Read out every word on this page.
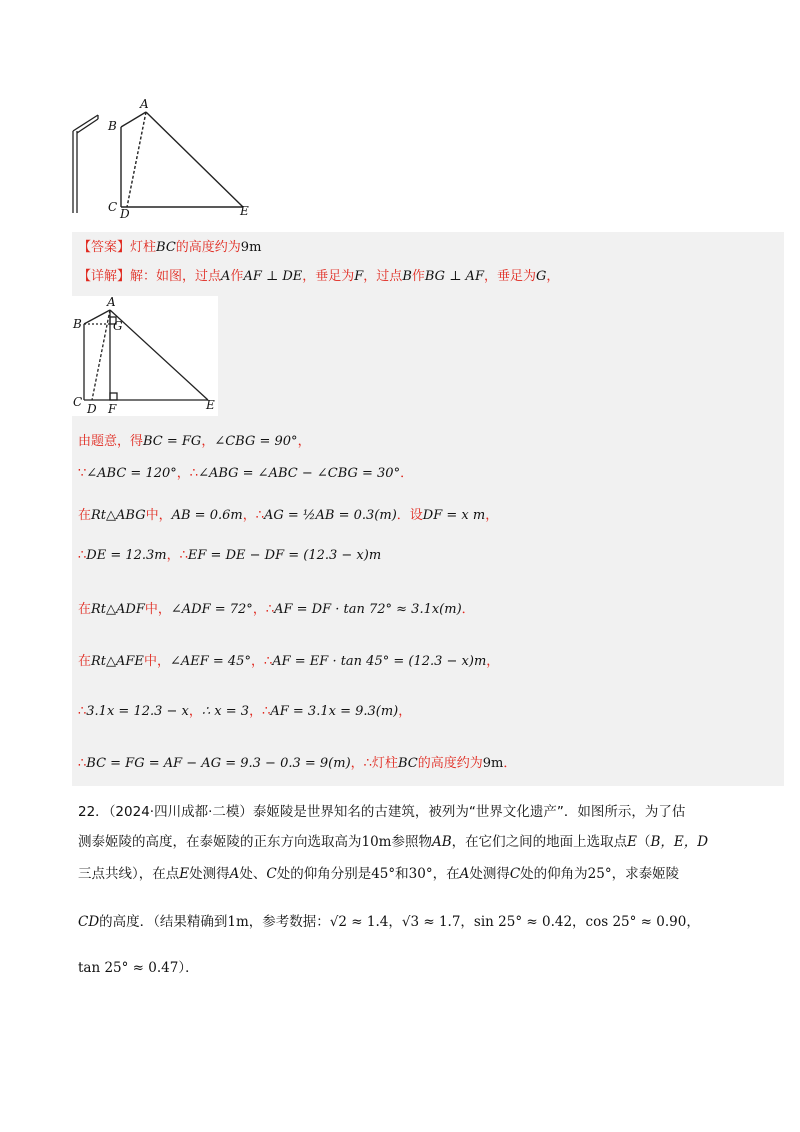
A
B
C D	E
【答案】灯柱BC的高度约为9m
【详解】解：如图，过点A作AF ⊥ DE，垂足为F，过点B作BG ⊥ AF，垂足为G，
A
B	G
C D F	E
由题意，得BC = FG，∠CBG = 90°，
∵∠ABC = 120°，∴∠ABG = ∠ABC − ∠CBG = 30°．
在Rt△ABG中，AB = 0.6m，∴AG = ½AB = 0.3(m)．设DF = x m，
∴DE = 12.3m，∴EF = DE − DF = (12.3 − x)m
在Rt△ADF中，∠ADF = 72°，∴AF = DF · tan 72° ≈ 3.1x(m)．
在Rt△AFE中，∠AEF = 45°，∴AF = EF · tan 45° = (12.3 − x)m，
∴3.1x = 12.3 − x，∴ x = 3，∴AF = 3.1x = 9.3(m)，
∴BC = FG = AF − AG = 9.3 − 0.3 = 9(m)，∴灯柱BC的高度约为9m．
22．（2024·四川成都·二模）泰姬陵是世界知名的古建筑，被列为“世界文化遗产”．如图所示，为了估
测泰姬陵的高度，在泰姬陵的正东方向选取高为10m参照物AB，在它们之间的地面上选取点E（B，E，D
三点共线），在点E处测得A处、C处的仰角分别是45°和30°，在A处测得C处的仰角为25°，求泰姬陵
CD的高度．（结果精确到1m，参考数据：√2 ≈ 1.4，√3 ≈ 1.7，sin 25° ≈ 0.42，cos 25° ≈ 0.90，
tan 25° ≈ 0.47）．
